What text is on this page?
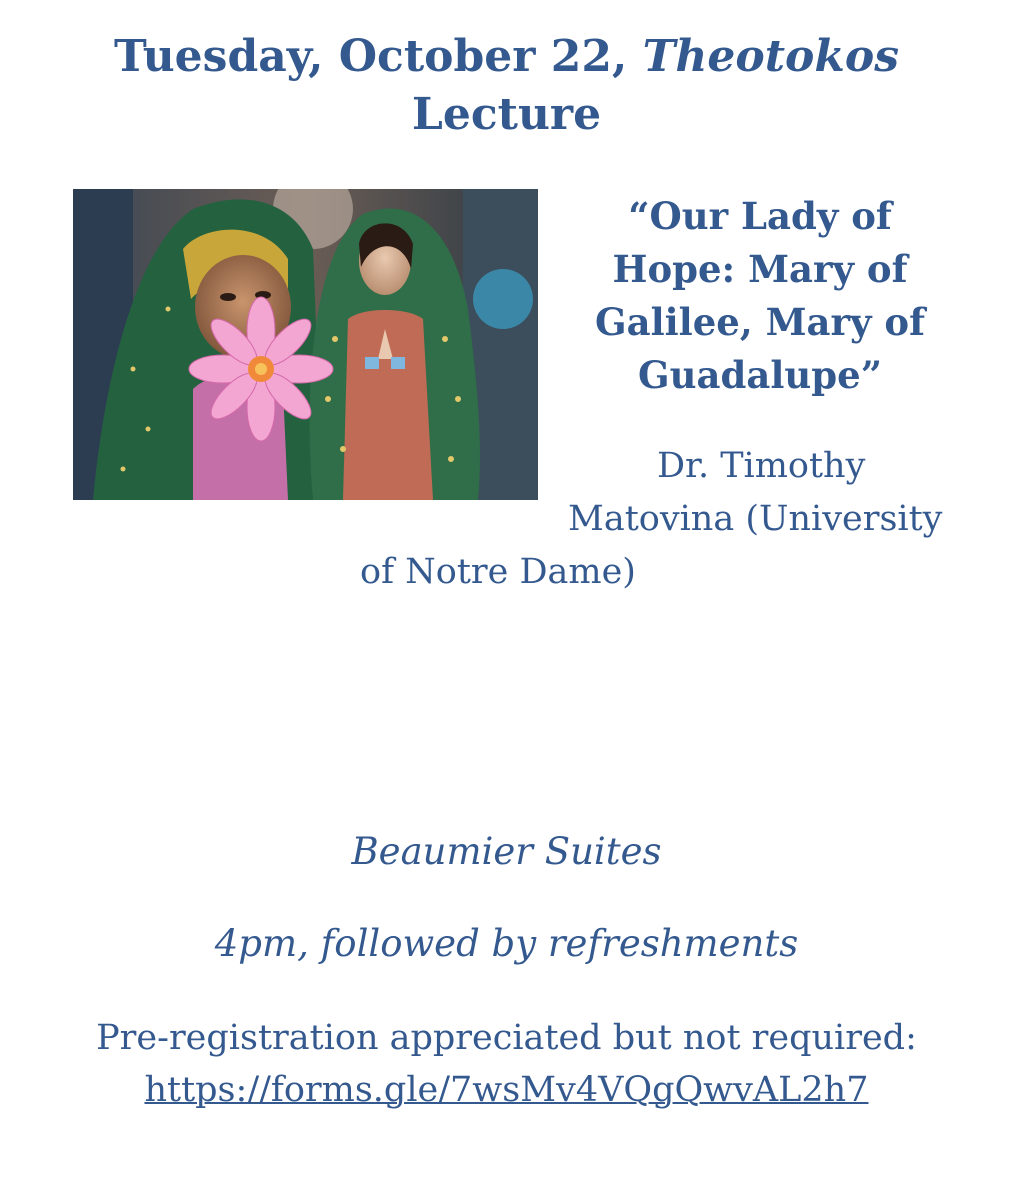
Tuesday, October 22, Theotokos
Lecture
“Our Lady of
Hope: Mary of
Galilee, Mary of
Guadalupe”
Dr. Timothy
Matovina (University
of Notre Dame)
Beaumier Suites
4pm, followed by refreshments
Pre-registration appreciated but not required:
https://forms.gle/7wsMv4VQgQwvAL2h7
